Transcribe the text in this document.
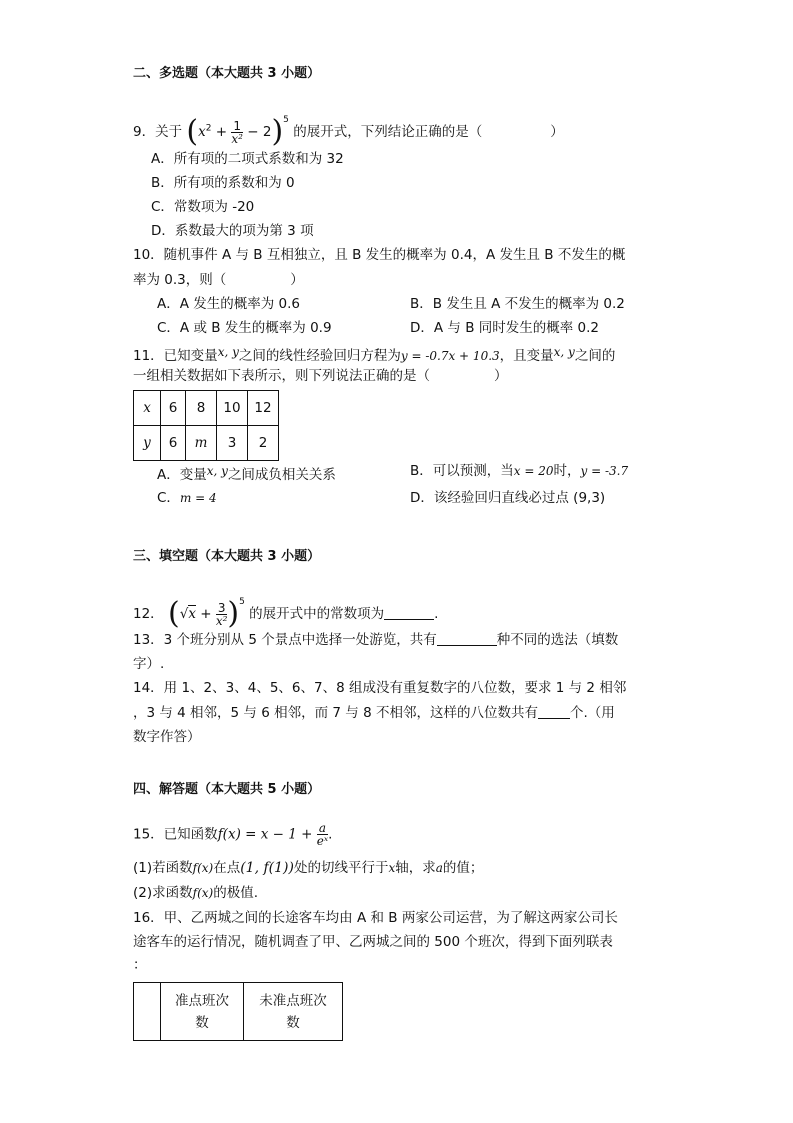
二、多选题（本大题共 3 小题）
9．关于 $(x^2 + \frac{1}{\text{x²}} - 2)^5$ 的展开式，下列结论正确的是（	）
A．所有项的二项式系数和为 32
B．所有项的系数和为 0
C．常数项为 -20
D．系数最大的项为第 3 项
10．随机事件 A 与 B 互相独立，且 B 发生的概率为 0.4，A 发生且 B 不发生的概
率为 0.3，则（	）
A．A 发生的概率为 0.6	B．B 发生且 A 不发生的概率为 0.2
C．A 或 B 发生的概率为 0.9	D．A 与 B 同时发生的概率 0.2
11．已知变量x, y之间的线性经验回归方程为y = -0.7x + 10.3，且变量x, y之间的
一组相关数据如下表所示，则下列说法正确的是（	）
x	6	8	10	12
y	6	m	3	2
A．变量x, y之间成负相关关系	B．可以预测，当x = 20时，y = -3.7
C．m = 4	D．该经验回归直线必过点 (9,3)
三、填空题（本大题共 3 小题）
12． $(√x + \frac{3}{\text{x²}} )^5$ 的展开式中的常数项为	.
13．3 个班分别从 5 个景点中选择一处游览，共有	种不同的选法（填数
字）.
14．用 1、2、3、4、5、6、7、8 组成没有重复数字的八位数，要求 1 与 2 相邻
，3 与 4 相邻，5 与 6 相邻，而 7 与 8 不相邻，这样的八位数共有 个.（用
数字作答）
四、解答题（本大题共 5 小题）
15．已知函数$f(x) = x - 1 + \frac{a}{\text{eˣ}}$ .
(1)若函数f(x)在点(1, f(1))处的切线平行于x轴，求a的值；
(2)求函数f(x)的极值.
16．甲、乙两城之间的长途客车均由 A 和 B 两家公司运营，为了解这两家公司长
途客车的运行情况，随机调查了甲、乙两城之间的 500 个班次，得到下面列联表
：
	准点班次
数	未准点班次
数
